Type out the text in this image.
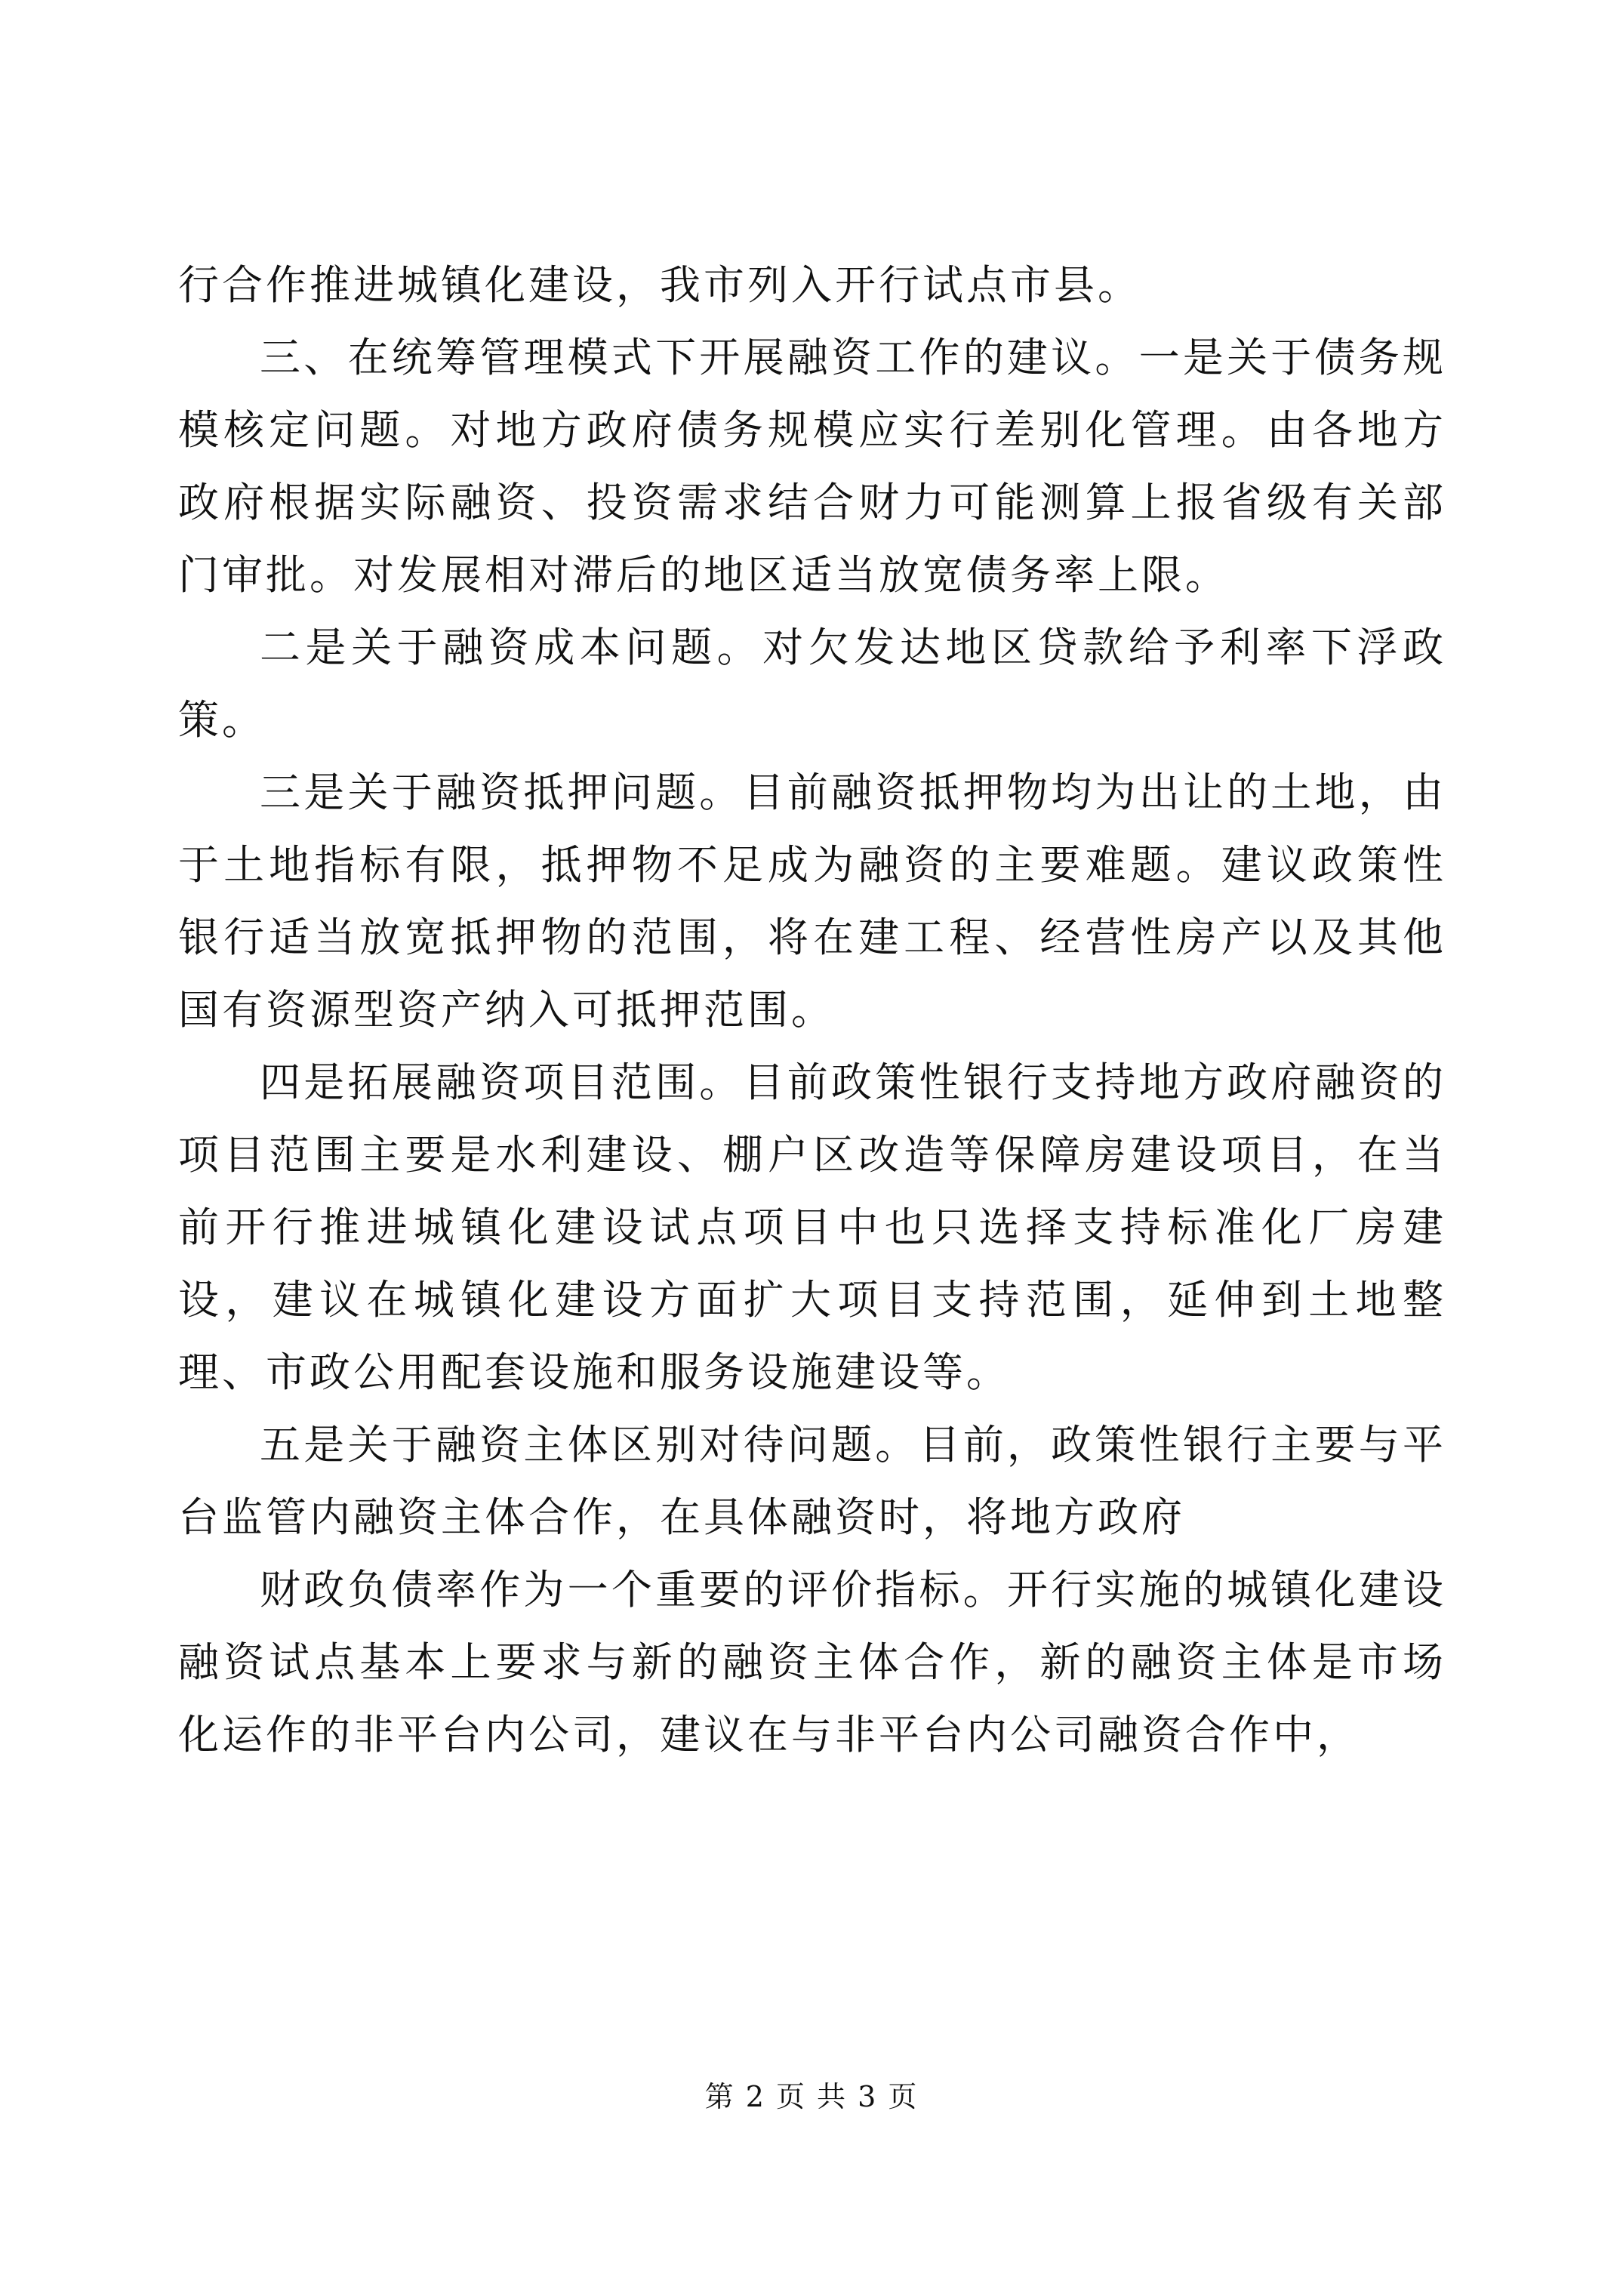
行合作推进城镇化建设，我市列入开行试点市县。

三、在统筹管理模式下开展融资工作的建议。一是关于债务规模核定问题。对地方政府债务规模应实行差别化管理。由各地方政府根据实际融资、投资需求结合财力可能测算上报省级有关部门审批。对发展相对滞后的地区适当放宽债务率上限。

二是关于融资成本问题。对欠发达地区贷款给予利率下浮政策。

三是关于融资抵押问题。目前融资抵押物均为出让的土地，由于土地指标有限，抵押物不足成为融资的主要难题。建议政策性银行适当放宽抵押物的范围，将在建工程、经营性房产以及其他国有资源型资产纳入可抵押范围。

四是拓展融资项目范围。目前政策性银行支持地方政府融资的项目范围主要是水利建设、棚户区改造等保障房建设项目，在当前开行推进城镇化建设试点项目中也只选择支持标准化厂房建设，建议在城镇化建设方面扩大项目支持范围，延伸到土地整理、市政公用配套设施和服务设施建设等。

五是关于融资主体区别对待问题。目前，政策性银行主要与平台监管内融资主体合作，在具体融资时，将地方政府

财政负债率作为一个重要的评价指标。开行实施的城镇化建设融资试点基本上要求与新的融资主体合作，新的融资主体是市场化运作的非平台内公司，建议在与非平台内公司融资合作中，

第 2 页 共 3 页
